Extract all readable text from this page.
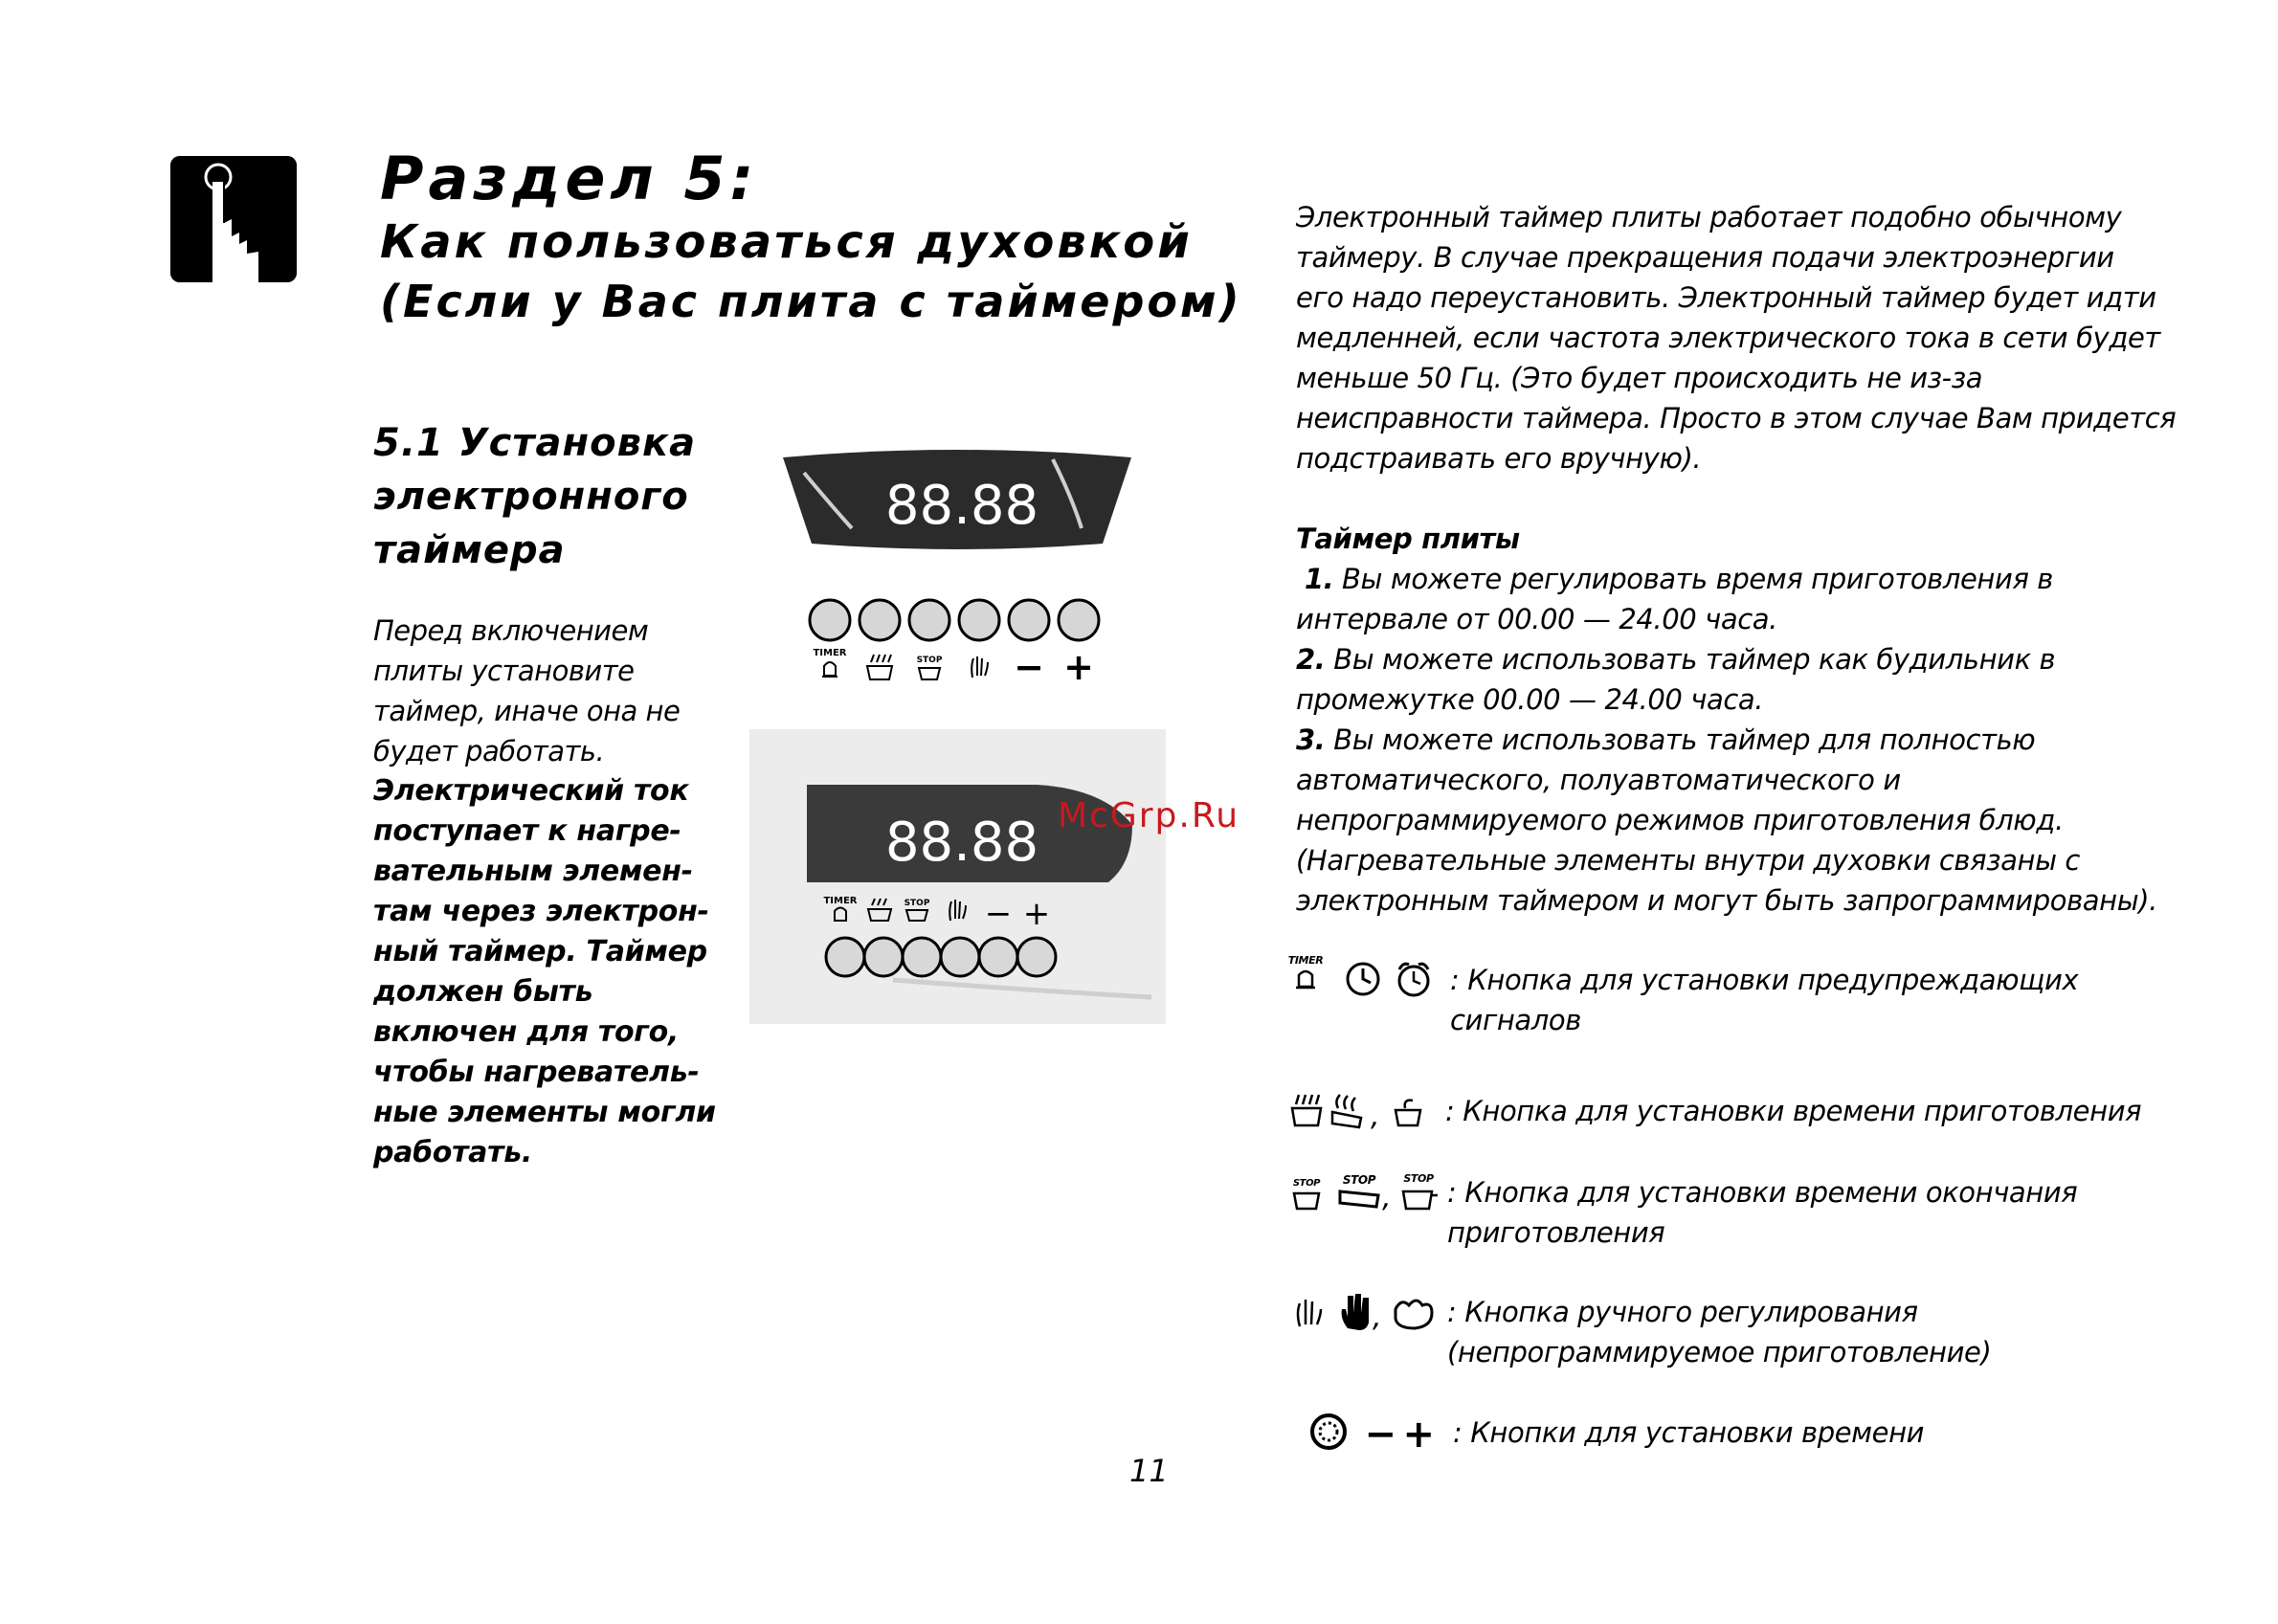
Раздел 5:
Как пользоваться духовкой
(Если у Вас плита с таймером)
5.1 Установка электронного таймера
Перед включением плиты установите таймер, иначе она не будет работать.
Электрический ток поступает к нагре-вательным элемен-там через электрон-ный таймер. Таймер должен быть включен для того, чтобы нагреватель-ные элементы могли работать.
88.88
TIMER
STOP − +
88.88
TIMER	STOP − +
McGrp.Ru

Электронный таймер плиты работает подобно обычному
таймеру. В случае прекращения подачи электроэнергии
его надо переустановить. Электронный таймер будет идти
медленней, если частота электрического тока в сети будет
меньше 50 Гц. (Это будет происходить не из-за
неисправности таймера. Просто в этом случае Вам придется
подстраивать его вручную).

Таймер плиты

1. Вы можете регулировать время приготовления в
интервале от 00.00 — 24.00 часа.

2. Вы можете использовать таймер как будильник в
промежутке 00.00 — 24.00 часа.

3. Вы можете использовать таймер для полностью
автоматического, полуавтоматического и
непрограммируемого режимов приготовления блюд.
(Нагревательные элементы внутри духовки связаны с
электронным таймером и могут быть запрограммированы).

TIMER
: Кнопка для установки предупреждающих
сигналов
, : Кнопка для установки времени приготовления
STOP STOP
,
STOP : Кнопка для установки времени окончания
приготовления
, : Кнопка ручного регулирования
(непрограммируемое приготовление)
− + : Кнопки для установки времени
11
